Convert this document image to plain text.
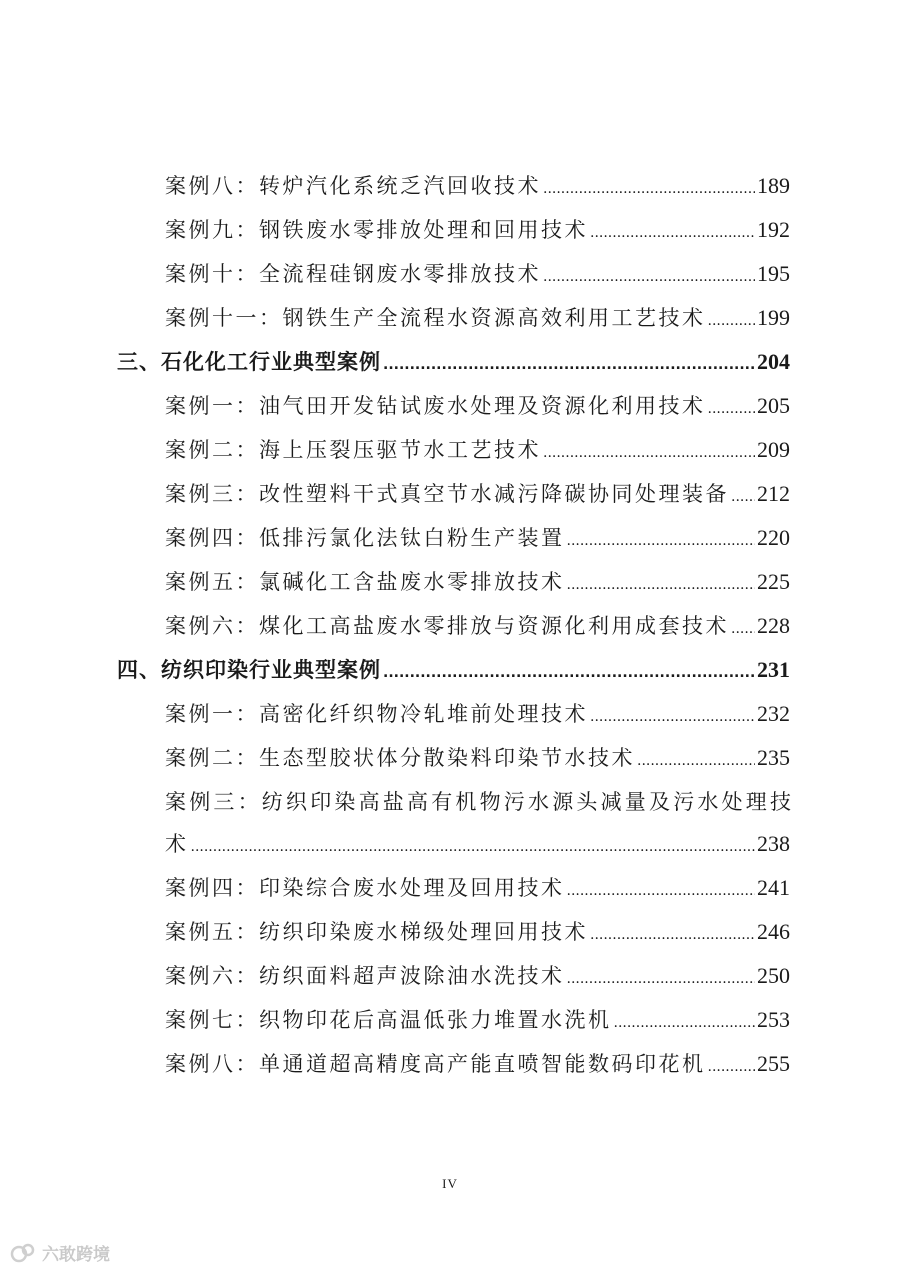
案例八：转炉汽化系统乏汽回收技术 .....	189
案例九：钢铁废水零排放处理和回用技术 .....	192
案例十：全流程硅钢废水零排放技术 .....	195
案例十一：钢铁生产全流程水资源高效利用工艺技术 ..... 199
三、石化化工行业典型案例 .....	204
案例一：油气田开发钻试废水处理及资源化利用技术 ..... 205
案例二：海上压裂压驱节水工艺技术 .....	209
案例三：改性塑料干式真空节水减污降碳协同处理装备 ..... 212
案例四：低排污氯化法钛白粉生产装置 .....	220
案例五：氯碱化工含盐废水零排放技术 .....	225
案例六：煤化工高盐废水零排放与资源化利用成套技术 ..... 228
四、纺织印染行业典型案例 .....	231
案例一：高密化纤织物冷轧堆前处理技术 .....	232
案例二：生态型胶状体分散染料印染节水技术 .....	235
案例三：纺织印染高盐高有机物污水源头减量及污水处理技
术 .....	238
案例四：印染综合废水处理及回用技术 .....	241
案例五：纺织印染废水梯级处理回用技术 .....	246
案例六：纺织面料超声波除油水洗技术 .....	250
案例七：织物印花后高温低张力堆置水洗机 .....	253
案例八：单通道超高精度高产能直喷智能数码印花机 ..... 255
IV
六敢跨境
